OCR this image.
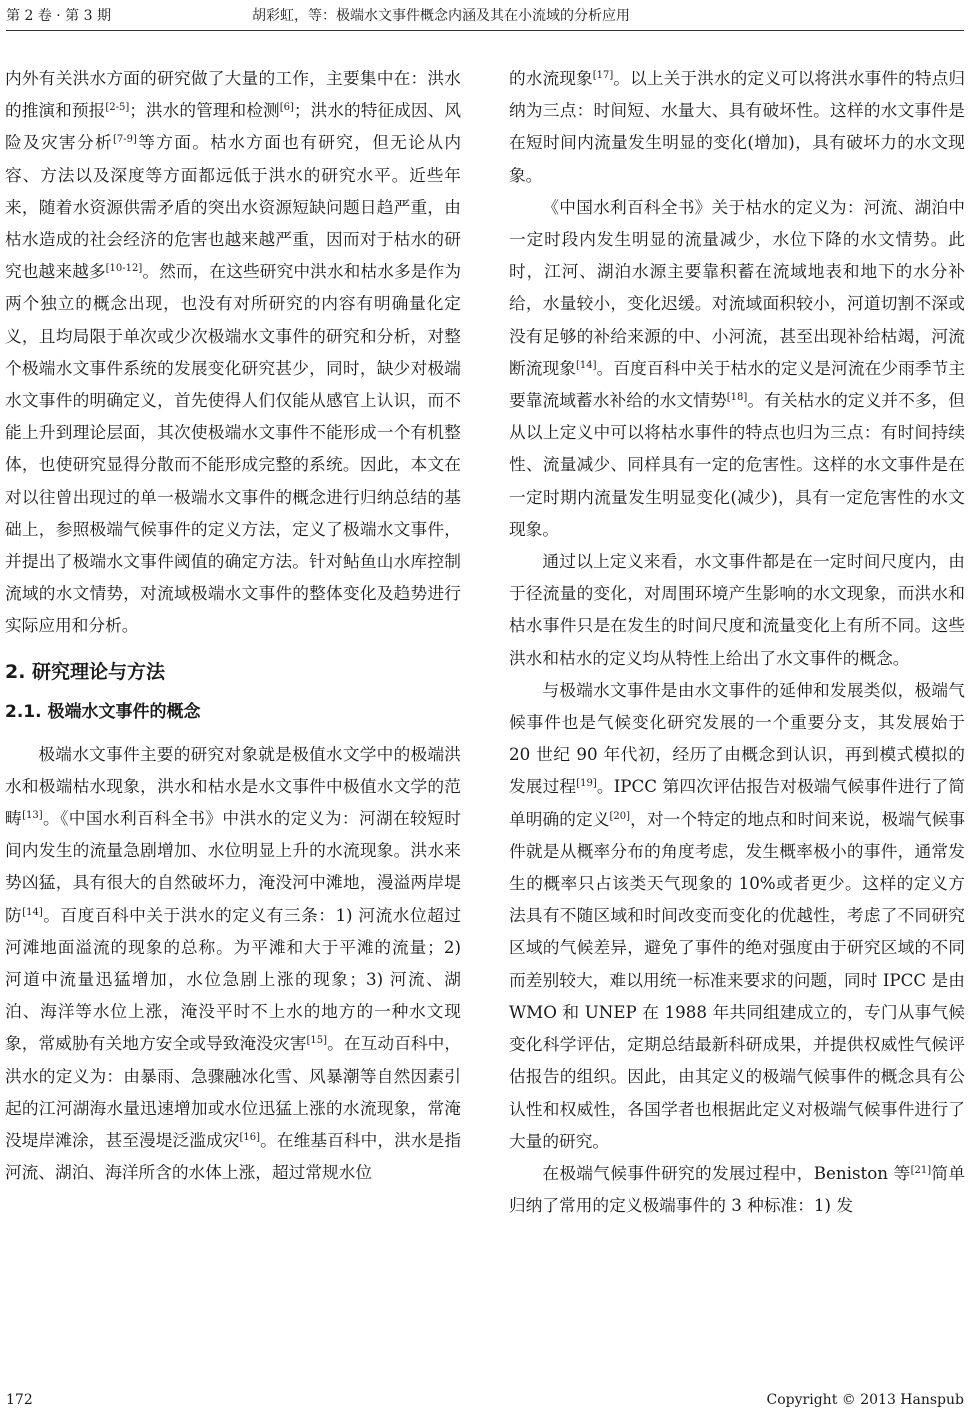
第 2 卷 · 第 3 期	胡彩虹，等：极端水文事件概念内涵及其在小流域的分析应用

内外有关洪水方面的研究做了大量的工作，主要集中在：洪水的推演和预报[2-5]；洪水的管理和检测[6]；洪水的特征成因、风险及灾害分析[7-9]等方面。枯水方面也有研究，但无论从内容、方法以及深度等方面都远低于洪水的研究水平。近些年来，随着水资源供需矛盾的突出水资源短缺问题日趋严重，由枯水造成的社会经济的危害也越来越严重，因而对于枯水的研究也越来越多[10-12]。然而，在这些研究中洪水和枯水多是作为两个独立的概念出现，也没有对所研究的内容有明确量化定义，且均局限于单次或少次极端水文事件的研究和分析，对整个极端水文事件系统的发展变化研究甚少，同时，缺少对极端水文事件的明确定义，首先使得人们仅能从感官上认识，而不能上升到理论层面，其次使极端水文事件不能形成一个有机整体，也使研究显得分散而不能形成完整的系统。因此，本文在对以往曾出现过的单一极端水文事件的概念进行归纳总结的基础上，参照极端气候事件的定义方法，定义了极端水文事件，并提出了极端水文事件阈值的确定方法。针对鲇鱼山水库控制流域的水文情势，对流域极端水文事件的整体变化及趋势进行实际应用和分析。

2. 研究理论与方法
2.1. 极端水文事件的概念

极端水文事件主要的研究对象就是极值水文学中的极端洪水和极端枯水现象，洪水和枯水是水文事件中极值水文学的范畴[13]。《中国水利百科全书》中洪水的定义为：河湖在较短时间内发生的流量急剧增加、水位明显上升的水流现象。洪水来势凶猛，具有很大的自然破坏力，淹没河中滩地，漫溢两岸堤防[14]。百度百科中关于洪水的定义有三条：1) 河流水位超过河滩地面溢流的现象的总称。为平滩和大于平滩的流量；2) 河道中流量迅猛增加，水位急剧上涨的现象；3) 河流、湖泊、海洋等水位上涨，淹没平时不上水的地方的一种水文现象，常威胁有关地方安全或导致淹没灾害[15]。在互动百科中，洪水的定义为：由暴雨、急骤融冰化雪、风暴潮等自然因素引起的江河湖海水量迅速增加或水位迅猛上涨的水流现象，常淹没堤岸滩涂，甚至漫堤泛滥成灾[16]。在维基百科中，洪水是指河流、湖泊、海洋所含的水体上涨，超过常规水位

的水流现象[17]。以上关于洪水的定义可以将洪水事件的特点归纳为三点：时间短、水量大、具有破坏性。这样的水文事件是在短时间内流量发生明显的变化(增加)，具有破坏力的水文现象。

《中国水利百科全书》关于枯水的定义为：河流、湖泊中一定时段内发生明显的流量减少，水位下降的水文情势。此时，江河、湖泊水源主要靠积蓄在流域地表和地下的水分补给，水量较小，变化迟缓。对流域面积较小，河道切割不深或没有足够的补给来源的中、小河流，甚至出现补给枯竭，河流断流现象[14]。百度百科中关于枯水的定义是河流在少雨季节主要靠流域蓄水补给的水文情势[18]。有关枯水的定义并不多，但从以上定义中可以将枯水事件的特点也归为三点：有时间持续性、流量减少、同样具有一定的危害性。这样的水文事件是在一定时期内流量发生明显变化(减少)，具有一定危害性的水文现象。

通过以上定义来看，水文事件都是在一定时间尺度内，由于径流量的变化，对周围环境产生影响的水文现象，而洪水和枯水事件只是在发生的时间尺度和流量变化上有所不同。这些洪水和枯水的定义均从特性上给出了水文事件的概念。

与极端水文事件是由水文事件的延伸和发展类似，极端气候事件也是气候变化研究发展的一个重要分支，其发展始于 20 世纪 90 年代初，经历了由概念到认识，再到模式模拟的发展过程[19]。IPCC 第四次评估报告对极端气候事件进行了简单明确的定义[20]，对一个特定的地点和时间来说，极端气候事件就是从概率分布的角度考虑，发生概率极小的事件，通常发生的概率只占该类天气现象的 10%或者更少。这样的定义方法具有不随区域和时间改变而变化的优越性，考虑了不同研究区域的气候差异，避免了事件的绝对强度由于研究区域的不同而差别较大，难以用统一标准来要求的问题，同时 IPCC 是由 WMO 和 UNEP 在 1988 年共同组建成立的，专门从事气候变化科学评估，定期总结最新科研成果，并提供权威性气候评估报告的组织。因此，由其定义的极端气候事件的概念具有公认性和权威性，各国学者也根据此定义对极端气候事件进行了大量的研究。

在极端气候事件研究的发展过程中，Beniston 等[21]简单归纳了常用的定义极端事件的 3 种标准：1) 发

172	Copyright © 2013 Hanspub
